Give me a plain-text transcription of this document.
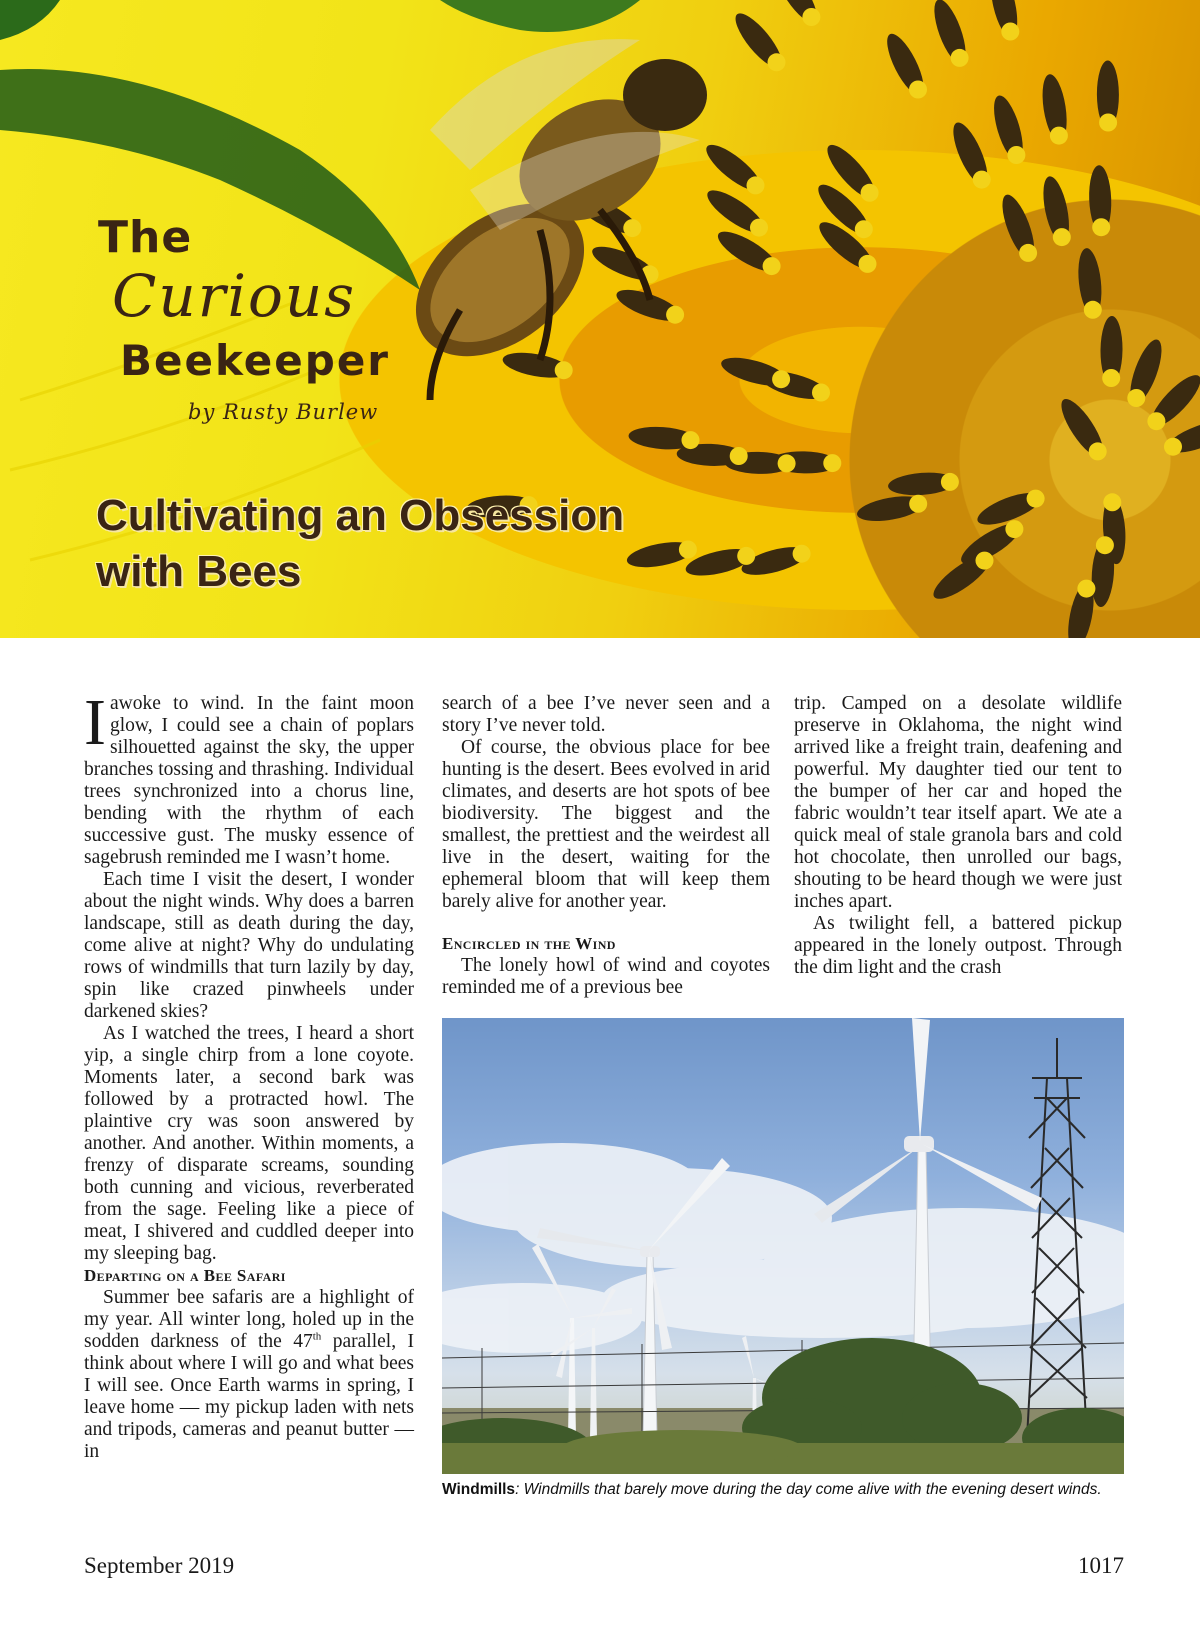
The

Curious

Beekeeper

by Rusty Burlew

Cultivating an Obsession
with Bees

Iawoke to wind. In the faint moon glow, I could see a chain of poplars silhouetted against the sky, the upper branches tossing and thrashing. Individual trees synchronized into a chorus line, bending with the rhythm of each successive gust. The musky essence of sagebrush reminded me I wasn’t home.

Each time I visit the desert, I wonder about the night winds. Why does a barren landscape, still as death during the day, come alive at night? Why do undulating rows of windmills that turn lazily by day, spin like crazed pinwheels under darkened skies?

As I watched the trees, I heard a short yip, a single chirp from a lone coyote. Moments later, a second bark was followed by a protracted howl. The plaintive cry was soon answered by another. And another. Within moments, a frenzy of disparate screams, sounding both cunning and vicious, reverberated from the sage. Feeling like a piece of meat, I shivered and cuddled deeper into my sleeping bag.

Departing on a Bee Safari

Summer bee safaris are a highlight of my year. All winter long, holed up in the sodden darkness of the 47th parallel, I think about where I will go and what bees I will see. Once Earth warms in spring, I leave home — my pickup laden with nets and tripods, cameras and peanut butter — in

search of a bee I’ve never seen and a story I’ve never told.

Of course, the obvious place for bee hunting is the desert. Bees evolved in arid climates, and deserts are hot spots of bee biodiversity. The biggest and the smallest, the prettiest and the weirdest all live in the desert, waiting for the ephemeral bloom that will keep them barely alive for another year.

Encircled in the Wind

The lonely howl of wind and coyotes reminded me of a previous bee

trip. Camped on a desolate wildlife preserve in Oklahoma, the night wind arrived like a freight train, deafening and powerful. My daughter tied our tent to the bumper of her car and hoped the fabric wouldn’t tear itself apart. We ate a quick meal of stale granola bars and cold hot chocolate, then unrolled our bags, shouting to be heard though we were just inches apart.

As twilight fell, a battered pickup appeared in the lonely outpost. Through the dim light and the crash

Windmills: Windmills that barely move during the day come alive with the evening desert winds.

September 2019	1017
